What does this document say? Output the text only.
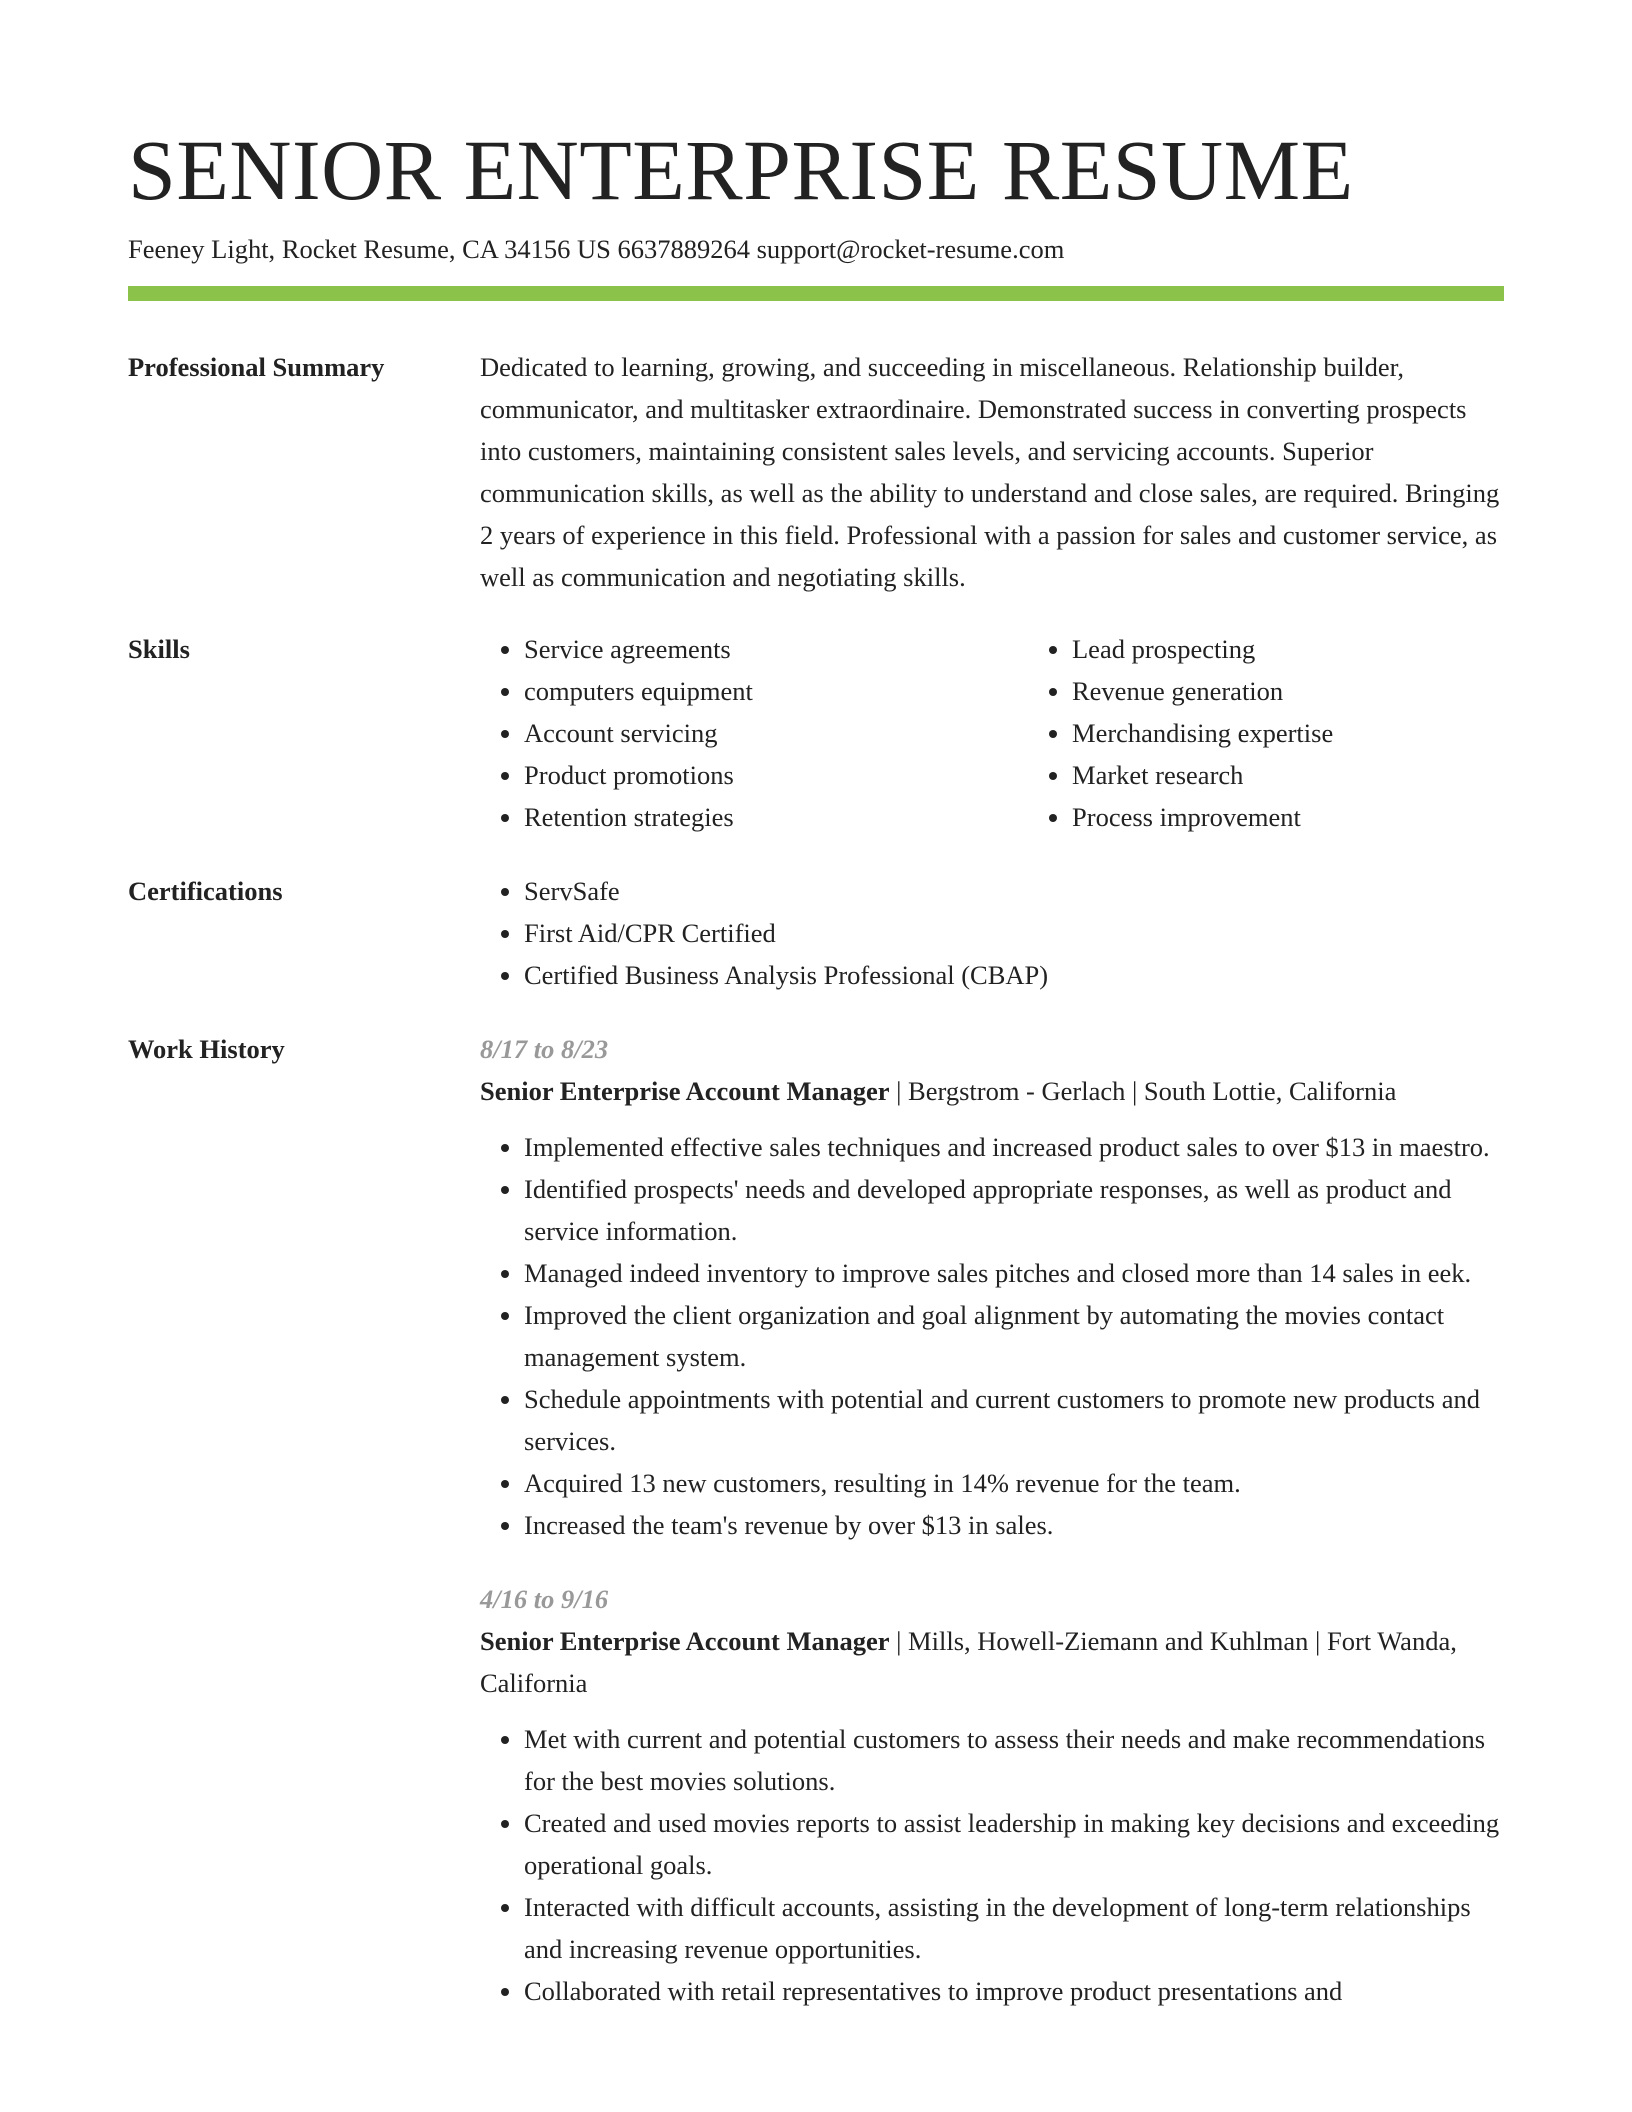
SENIOR ENTERPRISE RESUME
Feeney Light, Rocket Resume, CA 34156 US 6637889264 support@rocket-resume.com
Professional Summary	Dedicated to learning, growing, and succeeding in miscellaneous. Relationship builder, communicator, and multitasker extraordinaire. Demonstrated success in converting prospects into customers, maintaining consistent sales levels, and servicing accounts. Superior communication skills, as well as the ability to understand and close sales, are required. Bringing 2 years of experience in this field. Professional with a passion for sales and customer service, as well as communication and negotiating skills.

Skills	• Service agreements
• computers equipment
• Account servicing
• Product promotions
• Retention strategies
• Lead prospecting
• Revenue generation
• Merchandising expertise
• Market research
• Process improvement
Certifications	• ServSafe
• First Aid/CPR Certified
• Certified Business Analysis Professional (CBAP)
Work History	8/17 to 8/23
Senior Enterprise Account Manager | Bergstrom - Gerlach | South Lottie, California
• Implemented effective sales techniques and increased product sales to over $13 in maestro.
• Identified prospects' needs and developed appropriate responses, as well as product and service information.
• Managed indeed inventory to improve sales pitches and closed more than 14 sales in eek.
• Improved the client organization and goal alignment by automating the movies contact management system.
• Schedule appointments with potential and current customers to promote new products and services.
• Acquired 13 new customers, resulting in 14% revenue for the team.
• Increased the team's revenue by over $13 in sales.
4/16 to 9/16
Senior Enterprise Account Manager | Mills, Howell-Ziemann and Kuhlman | Fort Wanda, California
• Met with current and potential customers to assess their needs and make recommendations for the best movies solutions.
• Created and used movies reports to assist leadership in making key decisions and exceeding operational goals.
• Interacted with difficult accounts, assisting in the development of long-term relationships and increasing revenue opportunities.
• Collaborated with retail representatives to improve product presentations and
